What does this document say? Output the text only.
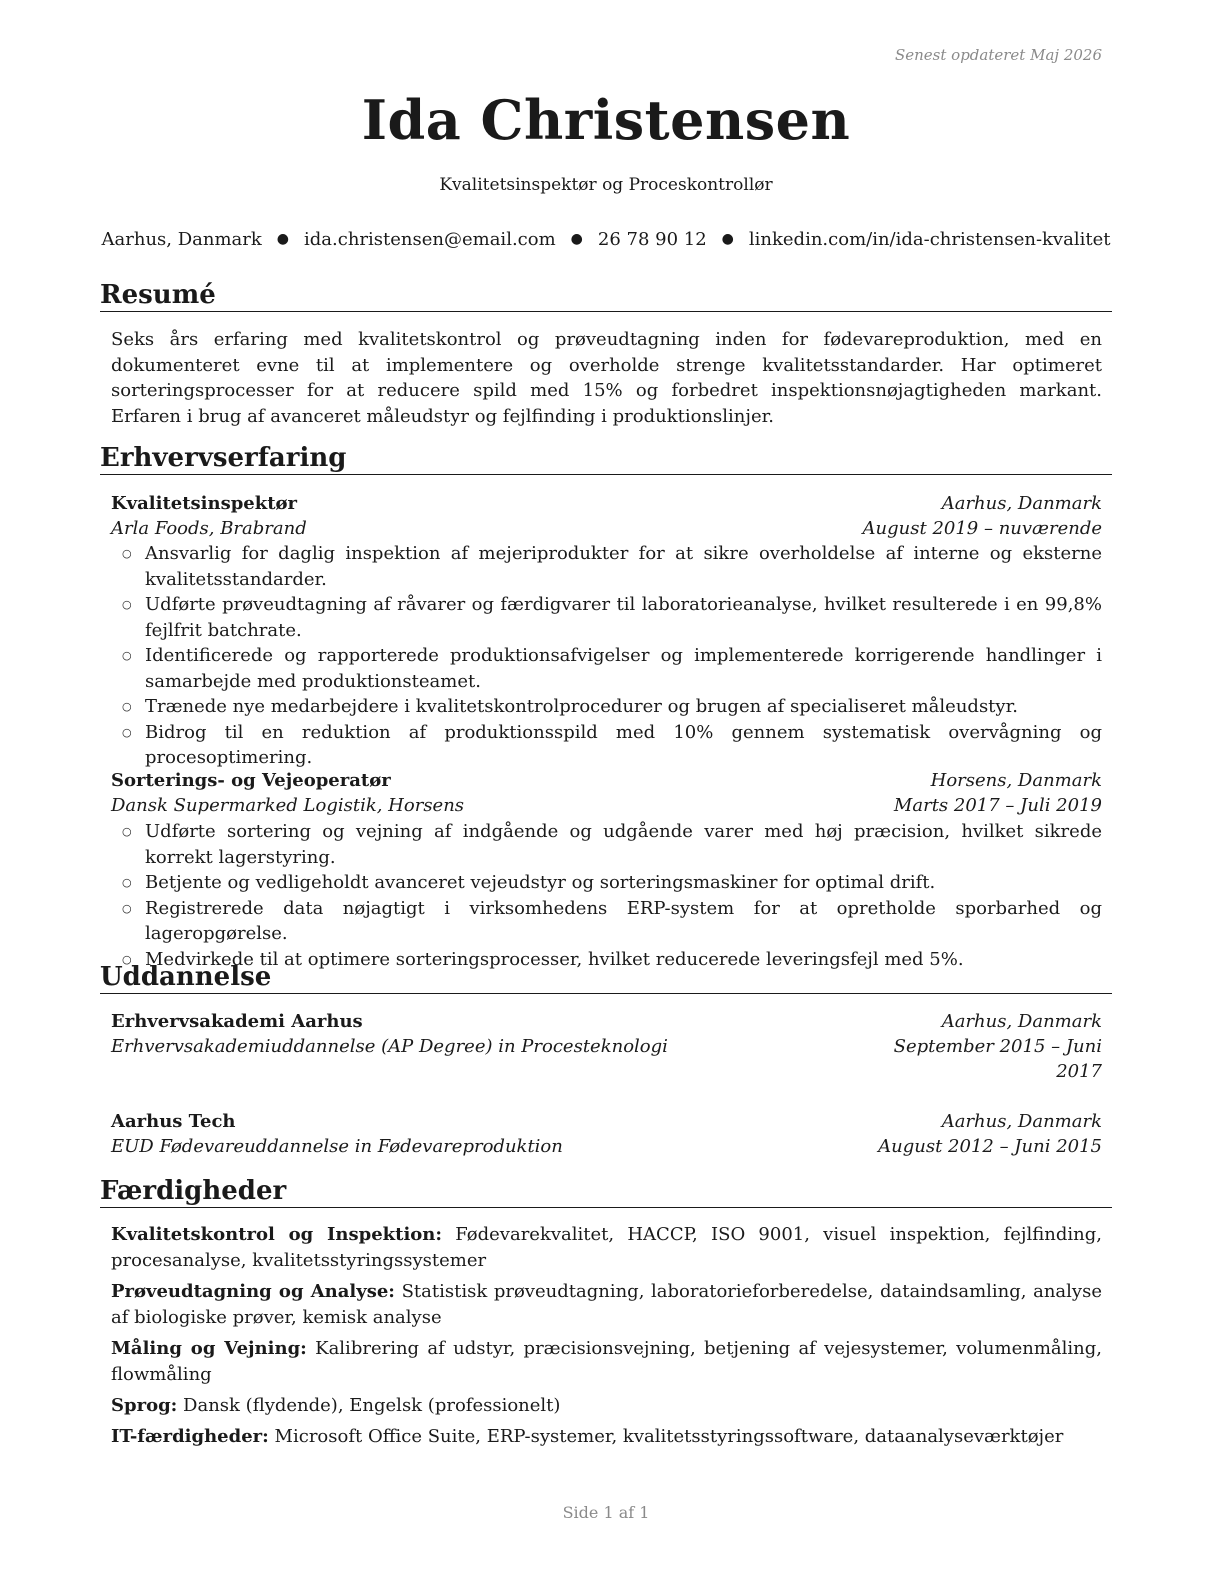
Senest opdateret Maj 2026
Ida Christensen
Kvalitetsinspektør og Proceskontrollør
Aarhus, Danmark ● ida.christensen@email.com ● 26 78 90 12 ● linkedin.com/in/ida-christensen-kvalitet
Resumé
Seks års erfaring med kvalitetskontrol og prøveudtagning inden for fødevareproduktion, med en dokumenteret evne til at implementere og overholde strenge kvalitetsstandarder. Har optimeret sorteringsprocesser for at reducere spild med 15% og forbedret inspektionsnøjagtigheden markant. Erfaren i brug af avanceret måleudstyr og fejlfinding i produktionslinjer.
Erhvervserfaring
Kvalitetsinspektør	Aarhus, Danmark
Arla Foods, Brabrand	August 2019 – nuværende
○ Ansvarlig for daglig inspektion af mejeriprodukter for at sikre overholdelse af interne og eksterne kvalitetsstandarder.
○ Udførte prøveudtagning af råvarer og færdigvarer til laboratorieanalyse, hvilket resulterede i en 99,8% fejlfrit batchrate.
○ Identificerede og rapporterede produktionsafvigelser og implementerede korrigerende handlinger i samarbejde med produktionsteamet.
○ Trænede nye medarbejdere i kvalitetskontrolprocedurer og brugen af specialiseret måleudstyr.
○ Bidrog til en reduktion af produktionsspild med 10% gennem systematisk overvågning og procesoptimering.
Sorterings- og Vejeoperatør	Horsens, Danmark
Dansk Supermarked Logistik, Horsens	Marts 2017 – Juli 2019
○ Udførte sortering og vejning af indgående og udgående varer med høj præcision, hvilket sikrede korrekt lagerstyring.
○ Betjente og vedligeholdt avanceret vejeudstyr og sorteringsmaskiner for optimal drift.
○ Registrerede data nøjagtigt i virksomhedens ERP-system for at opretholde sporbarhed og lageropgørelse.
○ Medvirkede til at optimere sorteringsprocesser, hvilket reducerede leveringsfejl med 5%.
Uddannelse
Erhvervsakademi Aarhus	Aarhus, Danmark
Erhvervsakademiuddannelse (AP Degree) in Procesteknologi	September 2015 – Juni
2017
Aarhus Tech	Aarhus, Danmark
EUD Fødevareuddannelse in Fødevareproduktion	August 2012 – Juni 2015
Færdigheder
Kvalitetskontrol og Inspektion: Fødevarekvalitet, HACCP, ISO 9001, visuel inspektion, fejlfinding, procesanalyse, kvalitetsstyringssystemer
Prøveudtagning og Analyse: Statistisk prøveudtagning, laboratorieforberedelse, dataindsamling, analyse af biologiske prøver, kemisk analyse
Måling og Vejning: Kalibrering af udstyr, præcisionsvejning, betjening af vejesystemer, volumenmåling, flowmåling
Sprog: Dansk (flydende), Engelsk (professionelt)
IT-færdigheder: Microsoft Office Suite, ERP-systemer, kvalitetsstyringssoftware, dataanalyseværktøjer
Side 1 af 1
